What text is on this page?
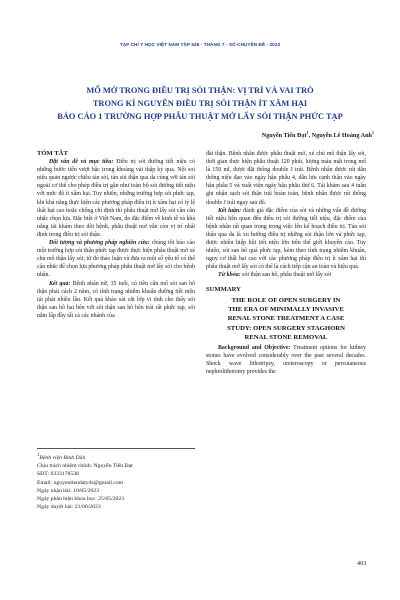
TẠP CHÍ Y HỌC VIỆT NAM TẬP 528 - THÁNG 7 - SỐ CHUYÊN ĐỀ - 2023
MỔ MỞ TRONG ĐIỀU TRỊ SỎI THẬN: VỊ TRÍ VÀ VAI TRÒ
TRONG KỈ NGUYÊN ĐIỀU TRỊ SỎI THẬN ÍT XÂM HẠI
BÁO CÁO 1 TRƯỜNG HỢP PHẪU THUẬT MỞ LẤY SỎI THẬN PHỨC TẠP
Nguyễn Tiến Đạt$^1$, Nguyễn Lê Hoàng Anh$^1$

TÓM TẮT

Đặt vấn đề và mục tiêu: Điều trị sỏi đường tiết niệu có những bước tiến vượt bậc trong khoảng vài thập kỷ qua. Nội soi niệu quản ngược chiều tán sỏi, tán sỏi thận qua da cùng với tán sỏi ngoài cơ thể cho phép điều trị gần như toàn bộ sỏi đường tiết niệu với mức độ ít xâm hại. Tuy nhiên, những trường hợp sỏi phức tạp, khi khả năng thực hiện các phương pháp điều trị ít xâm hại có tỷ lệ thất bại cao hoặc chống chỉ định thì phẫu thuật mở lấy sỏi cần cân nhắc chọn lựa. Đặc biệt ở Việt Nam, do đặc điểm về kinh tế và khả năng tái khám theo dõi bệnh, phẫu thuật mở vẫn còn vị trí nhất định trong điều trị sỏi thận.

Đối tượng và phương pháp nghiên cứu: chúng tôi báo cáo một trường hợp sỏi thận phức tạp được thực hiện phẫu thuật mở xẻ chủ mô thận lấy sỏi; từ đó thảo luận và đưa ra một số yếu tố có thể cân nhắc để chọn lựa phương pháp phẫu thuật mở lấy sỏi cho bệnh nhân.

Kết quả: Bệnh nhân nữ, 35 tuổi, có tiền căn mổ sỏi san hô thận phải cách 2 năm, có tình trạng nhiễm khuẩn đường tiết niệu tái phát nhiều lần. Kết quả khảo sát cắt lớp vi tính cho thấy sỏi thận san hô hai bên với sỏi thận san hô bên trái rất phức tạp, sỏi nằm lấp đầy tất cả các nhánh của

đài thận. Bệnh nhân được phẫu thuật mở, xẻ chủ mô thận lấy sỏi, thời gian thực hiện phẫu thuật 120 phút, lượng máu mất trong mổ là 150 ml, được đặt thông double J trái. Bệnh nhân được rút dẫn thông niệu đạo vào ngày hậu phẫu 4, dẫn lưu cạnh thận vào ngày hậu phẫu 5 và xuất viện ngày hậu phẫu thứ 6. Tái khám sau 4 tuần ghi nhận sạch sỏi thận trái hoàn toàn, bệnh nhân được rút thông double J trái ngay sau đó.

Kết luận: đánh giá đặc điểm của sỏi và những vấn đề đường tiết niệu liên quan đến điều trị sỏi đường tiết niệu, đặc điểm của bệnh nhân rất quan trọng trong việc lên kế hoạch điều trị. Tán sỏi thận qua da là xu hướng điều trị những sỏi thận lớn và phức tạp, được nhiều hiệp hội tiết niệu lớn trên thế giới khuyến cáo. Tuy nhiên, sỏi san hô quá phức tạp, kèm theo tình trạng nhiễm khuẩn, nguy cơ thất bại cao với các phương pháp điều trị ít xâm hại thì phẫu thuật mở lấy sỏi có thể là cách tiếp cận an toàn và hiệu quả.

Từ khóa: sỏi thận san hô, phẫu thuật mở lấy sỏi

SUMMARY

THE ROLE OF OPEN SURGERY IN
THE ERA OF MINIMALLY INVASIVE
RENAL STONE TREATMENT A CASE
STUDY: OPEN SURGERY STAGHORN
RENAL STONE REMOVAL

Background and Objective: Treatment options for kidney stones have evolved considerably over the past several decades. Shock wave lithotripsy, ureteroscopy or percutaneous nephrolithotomy provides the

$^1$Bệnh viện Bình Dân
Chịu trách nhiệm chính: Nguyễn Tiến Đạt
SĐT: 0333178538
Email: nguyentiendatyds@gmail.com
Ngày nhận bài: 10/05/2023
Ngày phản biện khoa học: 25/05/2023
Ngày duyệt bài: 21/06/2023
403
